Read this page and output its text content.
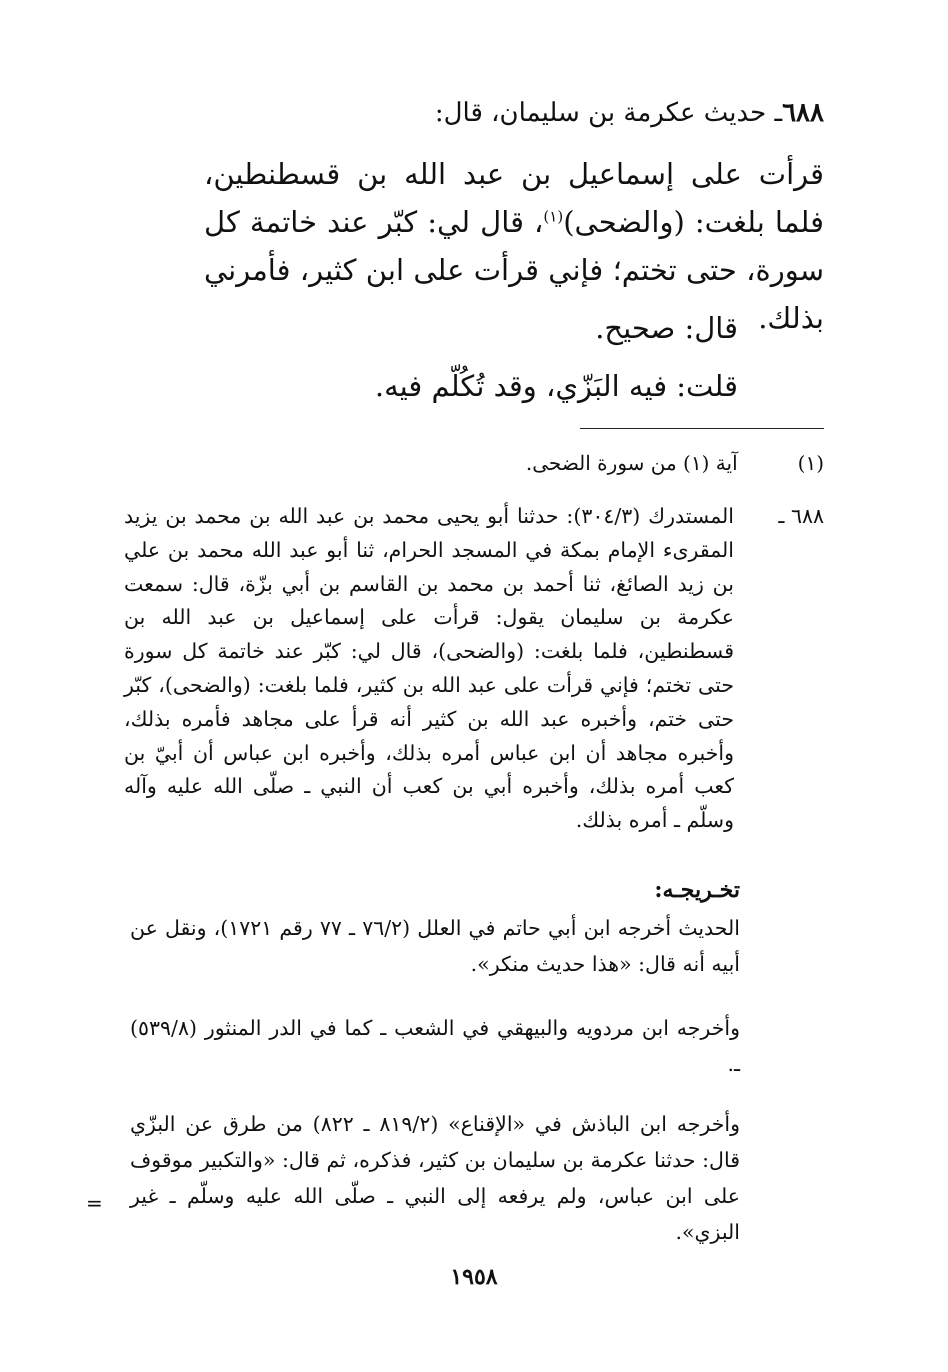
٦٨٨ـ حديث عكرمة بن سليمان، قال:
قرأت على إسماعيل بن عبد الله بن قسطنطين، فلما بلغت: (والضحى)$^{(١)}$، قال لي: كبّر عند خاتمة كل سورة، حتى تختم؛ فإني قرأت على ابن كثير، فأمرني بذلك.
قال: صحيح.
قلت: فيه البَزّي، وقد تُكُلّم فيه.
(١) آية (١) من سورة الضحى.
٦٨٨ ـ
المستدرك (٣٠٤/٣): حدثنا أبو يحيى محمد بن عبد الله بن محمد بن يزيد المقرىء الإمام بمكة في المسجد الحرام، ثنا أبو عبد الله محمد بن علي بن زيد الصائغ، ثنا أحمد بن محمد بن القاسم بن أبي بزّة، قال: سمعت عكرمة بن سليمان يقول: قرأت على إسماعيل بن عبد الله بن قسطنطين، فلما بلغت: (والضحى)، قال لي: كبّر عند خاتمة كل سورة حتى تختم؛ فإني قرأت على عبد الله بن كثير، فلما بلغت: (والضحى)، كبّر حتى ختم، وأخبره عبد الله بن كثير أنه قرأ على مجاهد فأمره بذلك، وأخبره مجاهد أن ابن عباس أمره بذلك، وأخبره ابن عباس أن أبيّ بن كعب أمره بذلك، وأخبره أبي بن كعب أن النبي ـ صلّى الله عليه وآله وسلّم ـ أمره بذلك.
تخـريجـه:
الحديث أخرجه ابن أبي حاتم في العلل (٧٦/٢ ـ ٧٧ رقم ١٧٢١)، ونقل عن أبيه أنه قال: «هذا حديث منكر».
وأخرجه ابن مردويه والبيهقي في الشعب ـ كما في الدر المنثور (٥٣٩/٨) ـ.
وأخرجه ابن الباذش في «الإقناع» (٨١٩/٢ ـ ٨٢٢) من طرق عن البزّي قال: حدثنا عكرمة بن سليمان بن كثير، فذكره، ثم قال: «والتكبير موقوف على ابن عباس، ولم يرفعه إلى النبي ـ صلّى الله عليه وسلّم ـ غير البزي».
=
١٩٥٨
